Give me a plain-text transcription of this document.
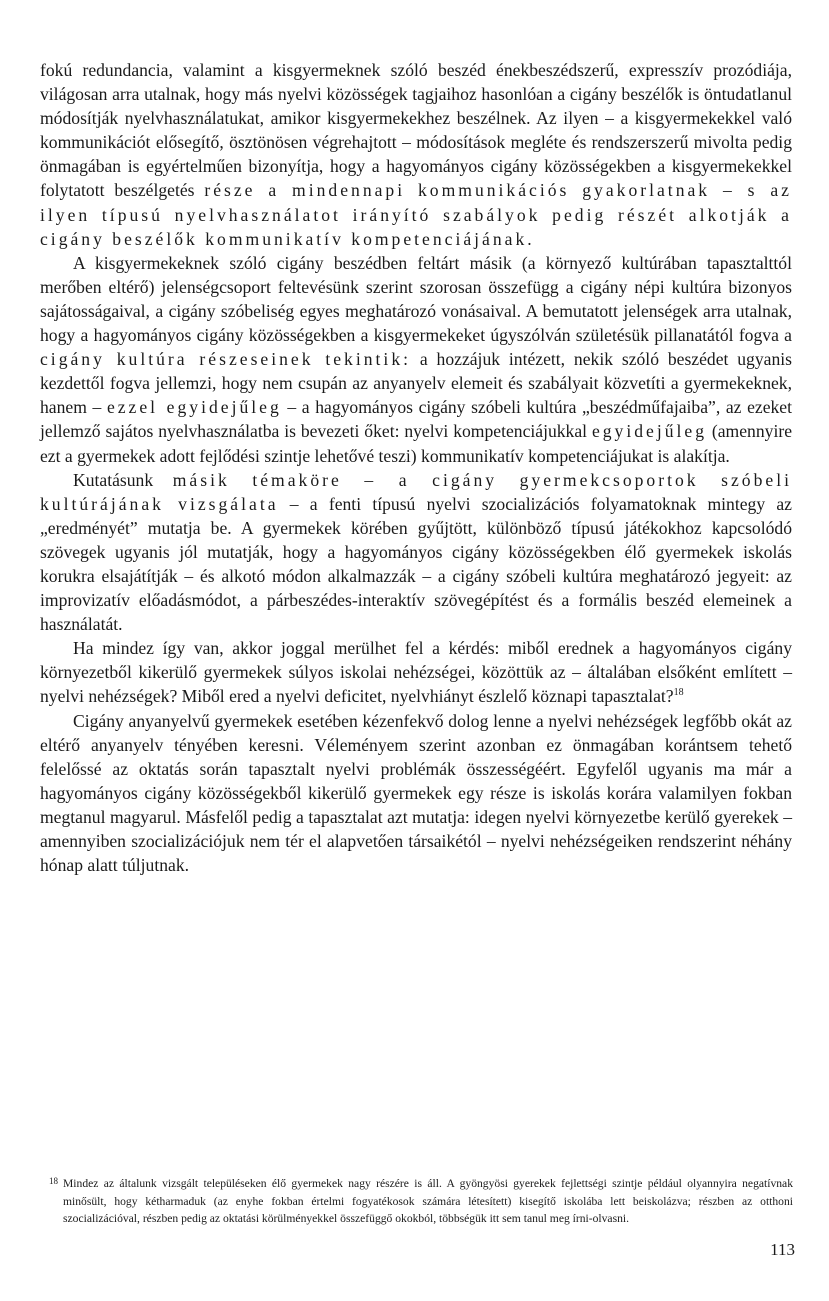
fokú redundancia, valamint a kisgyermeknek szóló beszéd énekbeszédszerű, expresszív prozódiája, világosan arra utalnak, hogy más nyelvi közösségek tagjaihoz hasonlóan a cigány beszélők is öntudatlanul módosítják nyelvhasználatukat, amikor kisgyermekekhez beszélnek. Az ilyen – a kisgyermekekkel való kommunikációt elősegítő, ösztönösen végrehajtott – módosítások megléte és rendszerszerű mivolta pedig önmagában is egyértelműen bizonyítja, hogy a hagyományos cigány közösségekben a kisgyermekekkel folytatott beszélgetés része a mindennapi kommunikációs gyakorlatnak – s az ilyen típusú nyelvhasználatot irányító szabályok pedig részét alkotják a cigány beszélők kommunikatív kompetenciájának.

A kisgyermekeknek szóló cigány beszédben feltárt másik (a környező kultúrában tapasztalttól merőben eltérő) jelenségcsoport feltevésünk szerint szorosan összefügg a cigány népi kultúra bizonyos sajátosságaival, a cigány szóbeliség egyes meghatározó vonásaival. A bemutatott jelenségek arra utalnak, hogy a hagyományos cigány közösségekben a kisgyermekeket úgyszólván születésük pillanatától fogva a cigány kultúra részeseinek tekintik: a hozzájuk intézett, nekik szóló beszédet ugyanis kezdettől fogva jellemzi, hogy nem csupán az anyanyelv elemeit és szabályait közvetíti a gyermekeknek, hanem – ezzel egyidejűleg – a hagyományos cigány szóbeli kultúra „beszédműfajaiba”, az ezeket jellemző sajátos nyelvhasználatba is bevezeti őket: nyelvi kompetenciájukkal egyidejűleg (amennyire ezt a gyermekek adott fejlődési szintje lehetővé teszi) kommunikatív kompetenciájukat is alakítja.

Kutatásunk másik témaköre – a cigány gyermekcsoportok szóbeli kultúrájának vizsgálata – a fenti típusú nyelvi szocializációs folyamatoknak mintegy az „eredményét” mutatja be. A gyermekek körében gyűjtött, különböző típusú játékokhoz kapcsolódó szövegek ugyanis jól mutatják, hogy a hagyományos cigány közösségekben élő gyermekek iskolás korukra elsajátítják – és alkotó módon alkalmazzák – a cigány szóbeli kultúra meghatározó jegyeit: az improvizatív előadásmódot, a párbeszédes-interaktív szövegépítést és a formális beszéd elemeinek a használatát.

Ha mindez így van, akkor joggal merülhet fel a kérdés: miből erednek a hagyományos cigány környezetből kikerülő gyermekek súlyos iskolai nehézségei, közöttük az – általában elsőként említett – nyelvi nehézségek? Miből ered a nyelvi deficitet, nyelvhiányt észlelő köznapi tapasztalat?$^{18}$

Cigány anyanyelvű gyermekek esetében kézenfekvő dolog lenne a nyelvi nehézségek legfőbb okát az eltérő anyanyelv tényében keresni. Véleményem szerint azonban ez önmagában korántsem tehető felelőssé az oktatás során tapasztalt nyelvi problémák összességéért. Egyfelől ugyanis ma már a hagyományos cigány közösségekből kikerülő gyermekek egy része is iskolás korára valamilyen fokban megtanul magyarul. Másfelől pedig a tapasztalat azt mutatja: idegen nyelvi környezetbe kerülő gyerekek – amennyiben szocializációjuk nem tér el alapvetően társaikétól – nyelvi nehézségeiken rendszerint néhány hónap alatt túljutnak.

18 Mindez az általunk vizsgált településeken élő gyermekek nagy részére is áll. A gyöngyösi gyerekek fejlettségi szintje például olyannyira negatívnak minősült, hogy kétharmaduk (az enyhe fokban értelmi fogyatékosok számára létesített) kisegítő iskolába lett beiskolázva; részben az otthoni szocializációval, részben pedig az oktatási körülményekkel összefüggő okokból, többségük itt sem tanul meg írni-olvasni.
113
